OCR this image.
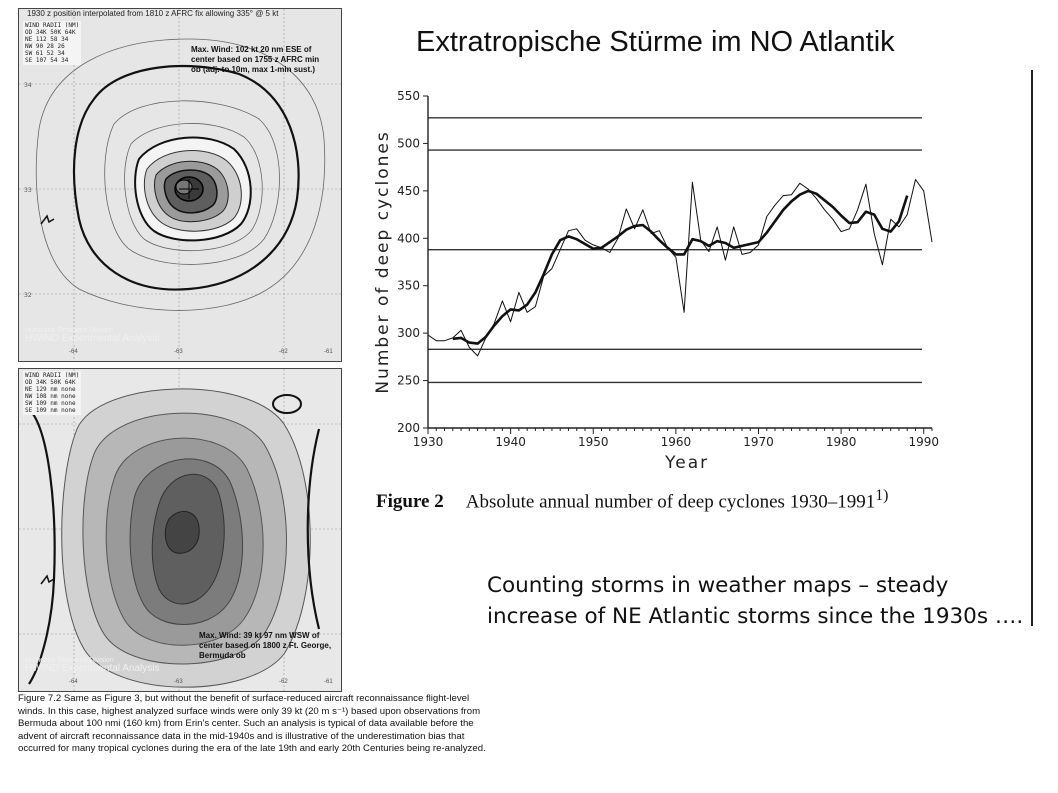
34
33
32
1930 z position interpolated from 1810 z AFRC fix allowing 335° @ 5 kt
WIND RADII (NM)
OD 34K 50K 64K
NE 112 58 34
NW 90 28 26
SW 61 52 34
SE 107 54 34
Max. Wind: 102 kt 20 nm ESE of center based on 1755 z AFRC min ob (adj. to 10m, max 1-min sust.)
Hurricane Research Division
HWIND Experimental Analysis
-64	-63	-62	-61
WIND RADII (NM)
OD 34K 50K 64K
NE 129 nm none
NW 108 nm none
SW 109 nm none
SE 109 nm none
Max. Wind: 39 kt 97 nm WSW of center based on 1800 z Ft. George, Bermuda ob
Hurricane Research Division
HWIND Experimental Analysis
-64	-63	-62	-61
Figure 7.2 Same as Figure 3, but without the benefit of surface-reduced aircraft reconnaissance flight-level winds. In this case, highest analyzed surface winds were only 39 kt (20 m s⁻¹) based upon observations from Bermuda about 100 nmi (160 km) from Erin's center. Such an analysis is typical of data available before the advent of aircraft reconnaissance data in the mid-1940s and is illustrative of the underestimation bias that occurred for many tropical cyclones during the era of the late 19th and early 20th Centuries being re-analyzed.
Extratropische Stürme im NO Atlantik
200
250
300
350
400
450
500
550
1930	1940	1950	1960	1970	1980	1990
Number of deep cyclones
Year
Figure 2 Absolute annual number of deep cyclones 1930–1991$^{1)}$
Counting storms in weather maps – steady increase of NE Atlantic storms since the 1930s ….
